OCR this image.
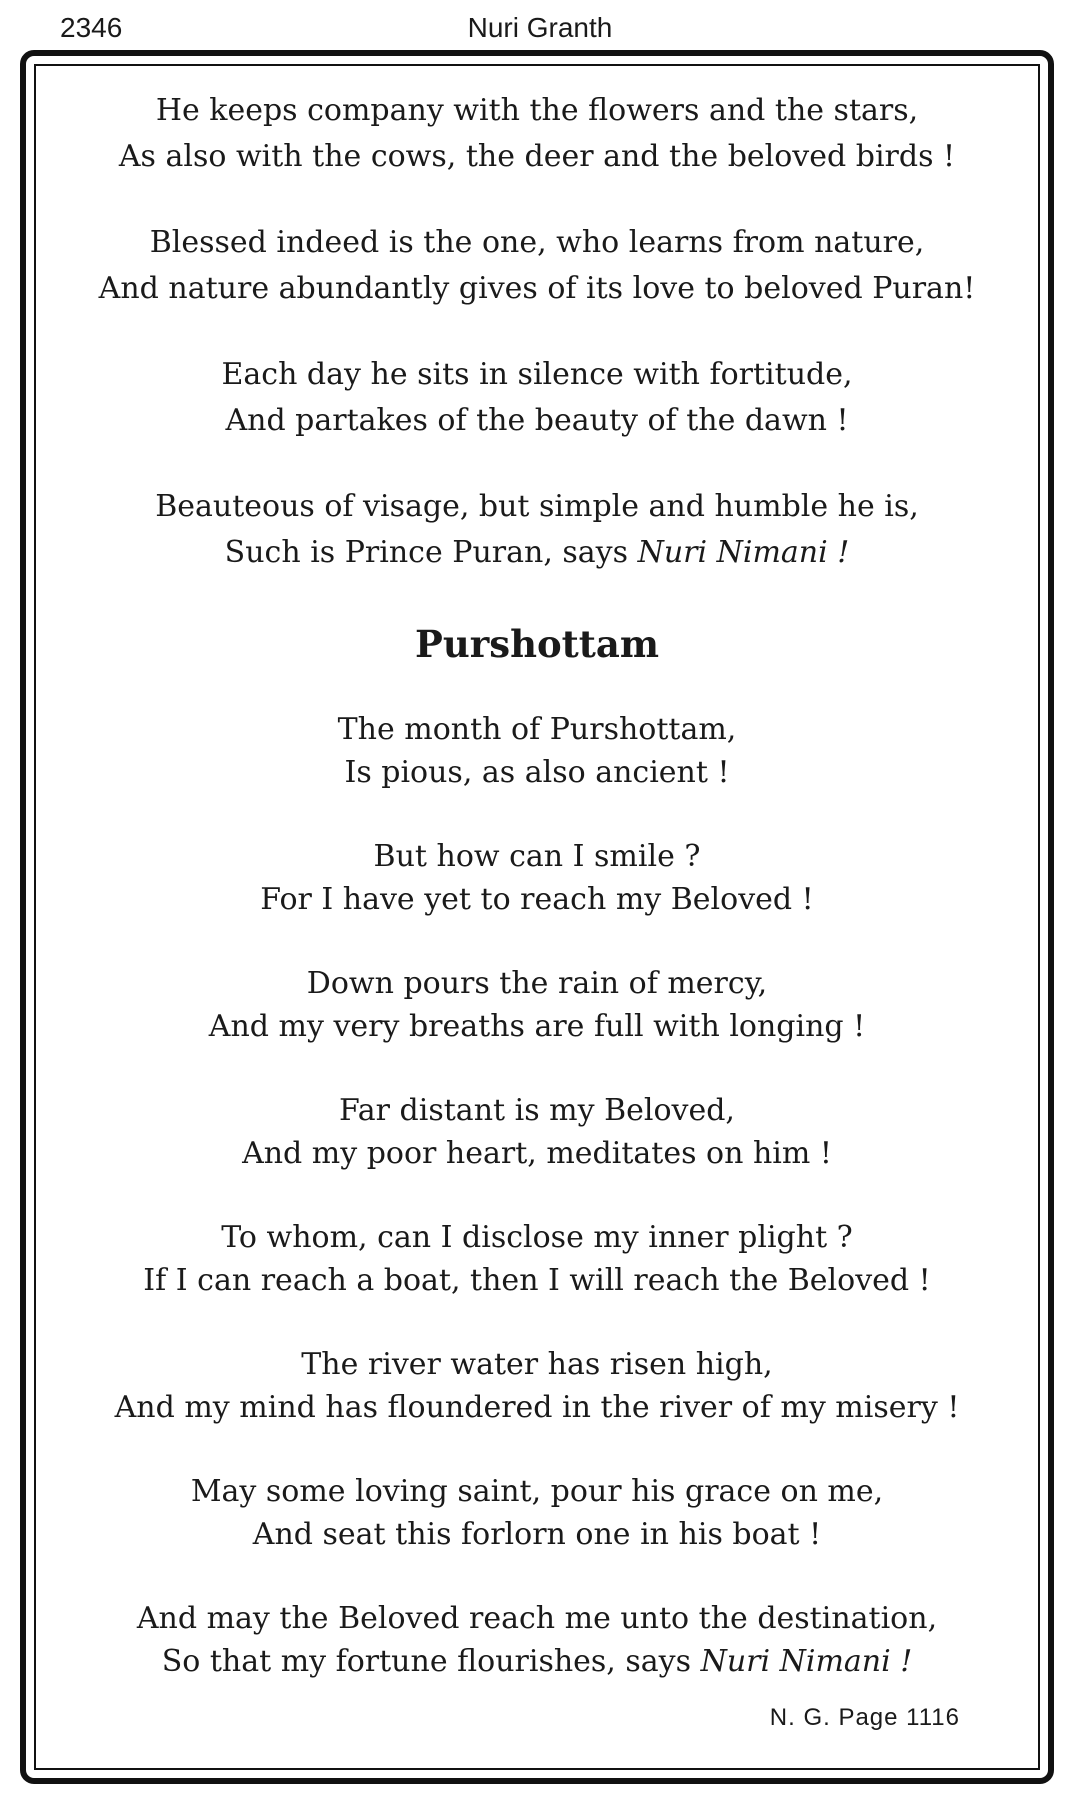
2346	Nuri Granth
He keeps company with the flowers and the stars,
As also with the cows, the deer and the beloved birds !
Blessed indeed is the one, who learns from nature,
And nature abundantly gives of its love to beloved Puran!
Each day he sits in silence with fortitude,
And partakes of the beauty of the dawn !
Beauteous of visage, but simple and humble he is,
Such is Prince Puran, says Nuri Nimani !
Purshottam
The month of Purshottam,
Is pious, as also ancient !
But how can I smile ?
For I have yet to reach my Beloved !
Down pours the rain of mercy,
And my very breaths are full with longing !
Far distant is my Beloved,
And my poor heart, meditates on him !
To whom, can I disclose my inner plight ?
If I can reach a boat, then I will reach the Beloved !
The river water has risen high,
And my mind has floundered in the river of my misery !
May some loving saint, pour his grace on me,
And seat this forlorn one in his boat !
And may the Beloved reach me unto the destination,
So that my fortune flourishes, says Nuri Nimani !
N. G. Page 1116
